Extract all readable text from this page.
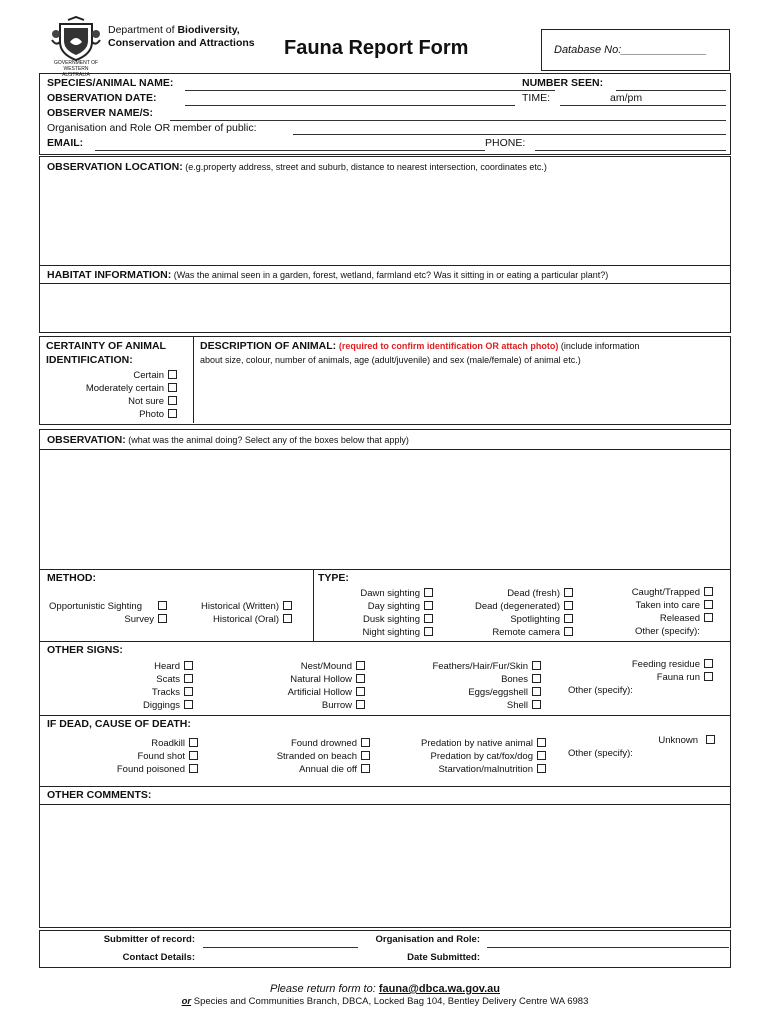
GOVERNMENT OF
WESTERN AUSTRALIA
Department of Biodiversity,
Conservation and Attractions Fauna Report Form	Database No:______________
SPECIES/ANIMAL NAME:	NUMBER SEEN:
OBSERVATION DATE:	TIME:	am/pm
OBSERVER NAME/S:
Organisation and Role OR member of public:
EMAIL:	PHONE:
OBSERVATION LOCATION: (e.g.property address, street and suburb, distance to nearest intersection, coordinates etc.)
HABITAT INFORMATION: (Was the animal seen in a garden, forest, wetland, farmland etc? Was it sitting in or eating a particular plant?)
CERTAINTY OF ANIMAL
IDENTIFICATION:
Certain
Moderately certain
Not sure
Photo
DESCRIPTION OF ANIMAL: (required to confirm identification OR attach photo) (include information
about size, colour, number of animals, age (adult/juvenile) and sex (male/female) of animal etc.)
OBSERVATION: (what was the animal doing? Select any of the boxes below that apply)
METHOD:
Opportunistic Sighting
Survey
Historical (Written)
Historical (Oral)
TYPE:
Dawn sighting
Day sighting
Dusk sighting
Night sighting
Dead (fresh)
Dead (degenerated)
Spotlighting
Remote camera
Caught/Trapped
Taken into care
Released
Other (specify):
OTHER SIGNS:
Heard
Scats
Tracks
Diggings
Nest/Mound
Natural Hollow
Artificial Hollow
Burrow
Feathers/Hair/Fur/Skin
Bones
Eggs/eggshell
Shell
Feeding residue
Fauna run
Other (specify):
IF DEAD, CAUSE OF DEATH:
Roadkill
Found shot
Found poisoned
Found drowned
Stranded on beach
Annual die off
Predation by native animal
Predation by cat/fox/dog
Starvation/malnutrition
Unknown
Other (specify):
OTHER COMMENTS:
Submitter of record:	Organisation and Role:
Contact Details:	Date Submitted:
Please return form to: fauna@dbca.wa.gov.au
or Species and Communities Branch, DBCA, Locked Bag 104, Bentley Delivery Centre WA 6983
